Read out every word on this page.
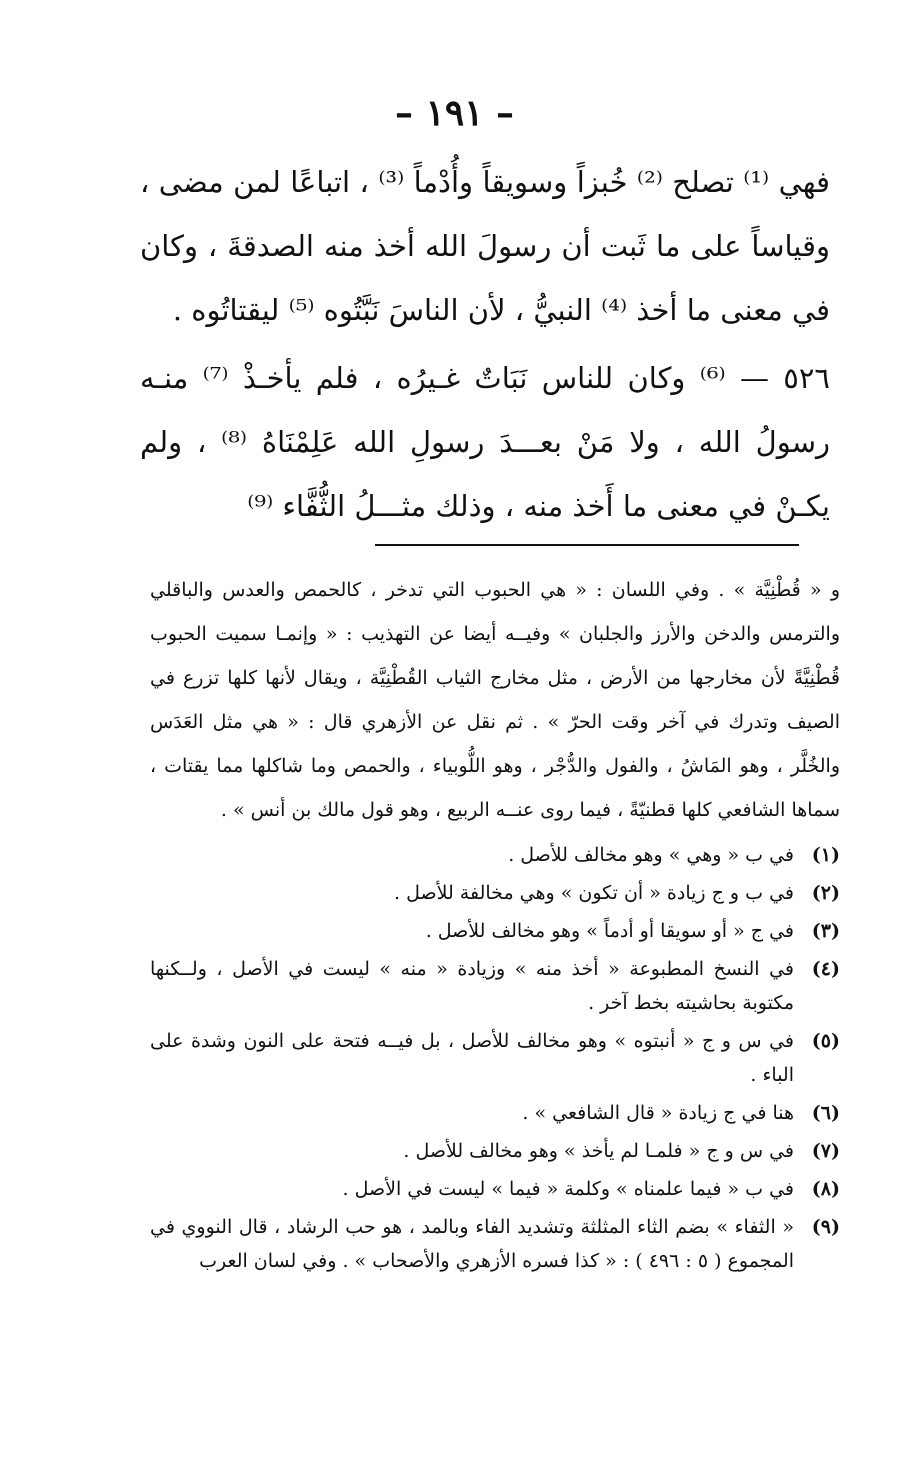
– ١٩١ –

فهي ⁽¹⁾ تصلح ⁽²⁾ خُبزاً وسويقاً وأُدْماً ⁽³⁾ ، اتباعًا لمن مضى ، وقياساً على ما ثَبت أن رسولَ الله أخذ منه الصدقةَ ، وكان في معنى ما أخذ ⁽⁴⁾ النبيُّ ، لأن الناسَ نَبَّتُوه ⁽⁵⁾ ليقتاتُوه .

٥٢٦ — ⁽⁶⁾ وكان للناس نَبَاتٌ غـيرُه ، فلم يأخـذْ ⁽⁷⁾ منـه رسولُ الله ، ولا مَنْ بعـــدَ رسولِ الله عَلِمْنَاهُ ⁽⁸⁾ ، ولم يكـنْ في معنى ما أَخذ منه ، وذلك مثـــلُ الثُّفَّاء ⁽⁹⁾

و « قُطْنِيَّة » . وفي اللسان : « هي الحبوب التي تدخر ، كالحمص والعدس والباقلي والترمس والدخن والأرز والجلبان » وفيــه أيضا عن التهذيب : « وإنمـا سميت الحبوب قُطْنِيَّةً لأن مخارجها من الأرض ، مثل مخارج الثياب القُطْنِيَّة ، ويقال لأنها كلها تزرع في الصيف وتدرك في آخر وقت الحرّ » . ثم نقل عن الأزهري قال : « هي مثل العَدَس والخُلَّر ، وهو المَاشُ ، والفول والدُّجْر ، وهو اللُّوبياء ، والحمص وما شاكلها مما يقتات ، سماها الشافعي كلها قطنيّةً ، فيما روى عنــه الربيع ، وهو قول مالك بن أنس » .

(١)
في ب « وهي » وهو مخالف للأصل .
(٢)
في ب و ج زيادة « أن تكون » وهي مخالفة للأصل .
(٣)
في ج « أو سويقا أو أدماً » وهو مخالف للأصل .
(٤)
في النسخ المطبوعة « أخذ منه » وزيادة « منه » ليست في الأصل ، ولــكنها مكتوبة بحاشيته بخط آخر .
(٥)
في س و ج « أنبتوه » وهو مخالف للأصل ، بل فيــه فتحة على النون وشدة على الباء .
(٦)
هنا في ج زيادة « قال الشافعي » .
(٧)
في س و ج « فلمـا لم يأخذ » وهو مخالف للأصل .
(٨)
في ب « فيما علمناه » وكلمة « فيما » ليست في الأصل .
(٩)
« الثفاء » بضم الثاء المثلثة وتشديد الفاء وبالمد ، هو حب الرشاد ، قال النووي في المجموع ( ٥ : ٤٩٦ ) : « كذا فسره الأزهري والأصحاب » . وفي لسان العرب
